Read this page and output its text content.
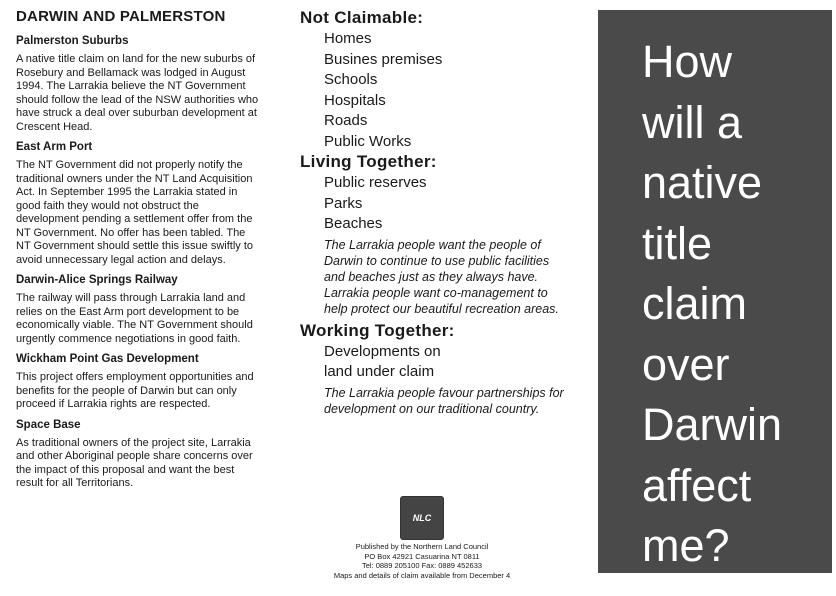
DARWIN AND PALMERSTON
Palmerston Suburbs

A native title claim on land for the new suburbs of Rosebury and Bellamack was lodged in August 1994. The Larrakia believe the NT Government should follow the lead of the NSW authorities who have struck a deal over suburban development at Crescent Head.

East Arm Port

The NT Government did not properly notify the traditional owners under the NT Land Acquisition Act. In September 1995 the Larrakia stated in good faith they would not obstruct the development pending a settlement offer from the NT Government. No offer has been tabled. The NT Government should settle this issue swiftly to avoid unnecessary legal action and delays.

Darwin-Alice Springs Railway

The railway will pass through Larrakia land and relies on the East Arm port development to be economically viable. The NT Government should urgently commence negotiations in good faith.

Wickham Point Gas Development

This project offers employment opportunities and benefits for the people of Darwin but can only proceed if Larrakia rights are respected.

Space Base

As traditional owners of the project site, Larrakia and other Aboriginal people share concerns over the impact of this proposal and want the best result for all Territorians.

Not Claimable:
Homes
Busines premises
Schools
Hospitals
Roads
Public Works
Living Together:
Public reserves
Parks
Beaches
The Larrakia people want the people of Darwin to continue to use public facilities and beaches just as they always have.
Larrakia people want co-management to help protect our beautiful recreation areas.
Working Together:
Developments on
land under claim
The Larrakia people favour partnerships for development on our traditional country.
NLC
Published by the Northern Land Council
PO Box 42921 Casuarina NT 0811
Tel: 0889 205100 Fax: 0889 452633
Maps and details of claim available from December 4
How
will a
native
title
claim
over
Darwin
affect
me?
